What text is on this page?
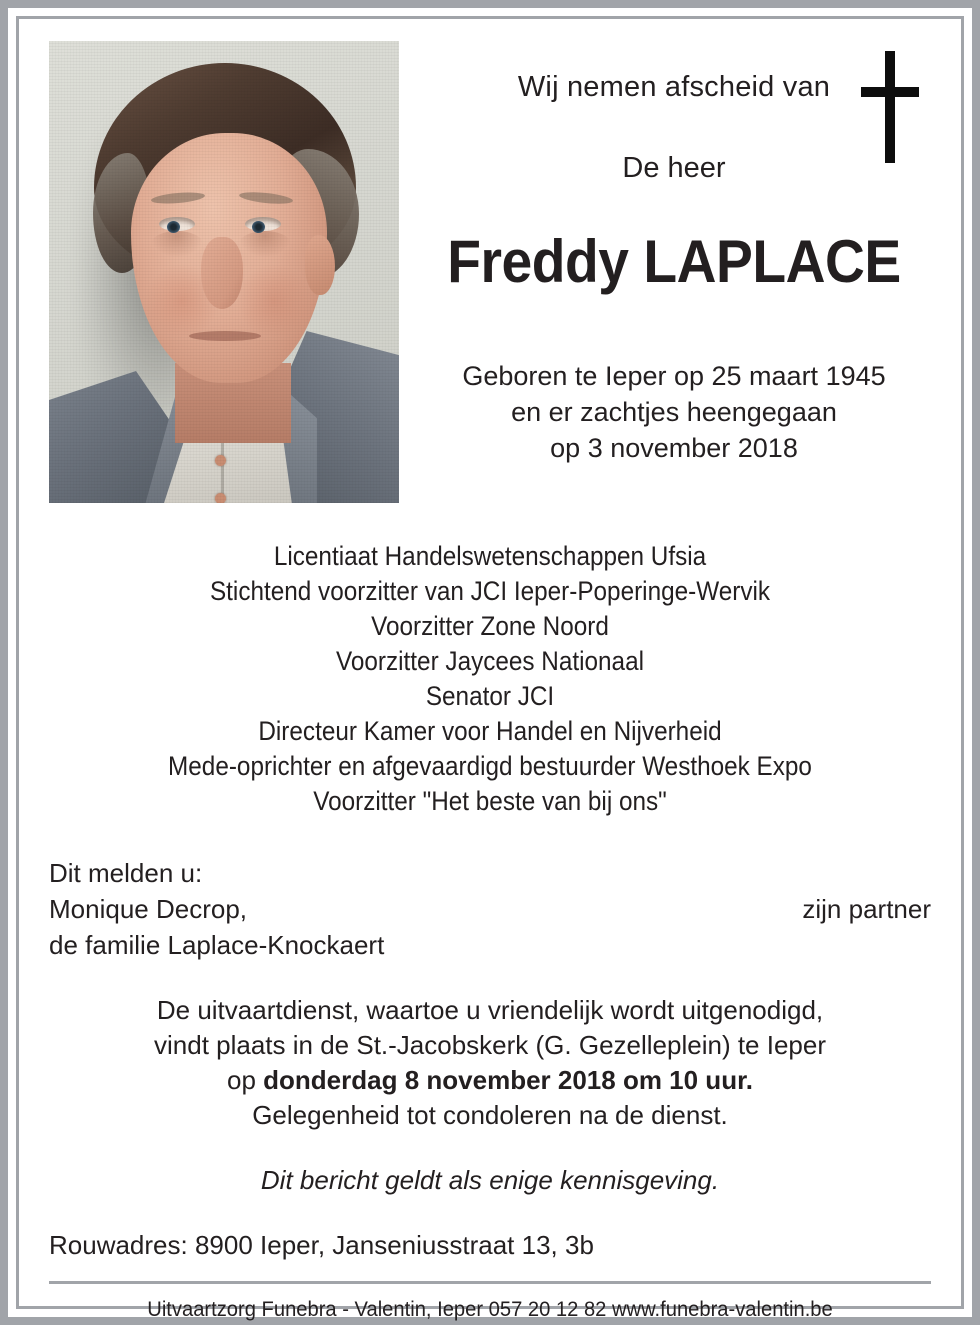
Wij nemen afscheid van
De heer
Freddy LAPLACE
Geboren te Ieper op 25 maart 1945
en er zachtjes heengegaan
op 3 november 2018
Licentiaat Handelswetenschappen Ufsia
Stichtend voorzitter van JCI Ieper-Poperinge-Wervik
Voorzitter Zone Noord
Voorzitter Jaycees Nationaal
Senator JCI
Directeur Kamer voor Handel en Nijverheid
Mede-oprichter en afgevaardigd bestuurder Westhoek Expo
Voorzitter "Het beste van bij ons"
Dit melden u:
Monique Decrop,	zijn partner
de familie Laplace-Knockaert
De uitvaartdienst, waartoe u vriendelijk wordt uitgenodigd,
vindt plaats in de St.-Jacobskerk (G. Gezelleplein) te Ieper
op donderdag 8 november 2018 om 10 uur.
Gelegenheid tot condoleren na de dienst.
Dit bericht geldt als enige kennisgeving.
Rouwadres: 8900 Ieper, Janseniusstraat 13, 3b
Uitvaartzorg Funebra - Valentin, Ieper 057 20 12 82 www.funebra-valentin.be
